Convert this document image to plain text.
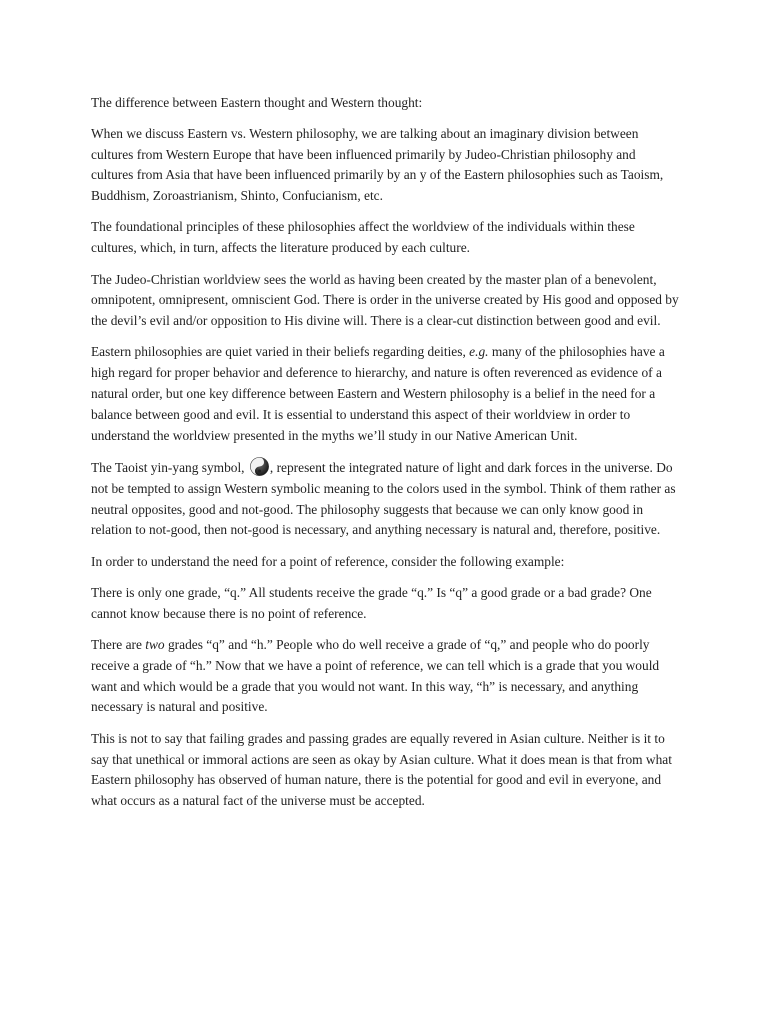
The difference between Eastern thought and Western thought:

When we discuss Eastern vs. Western philosophy, we are talking about an imaginary division between cultures from Western Europe that have been influenced primarily by Judeo-Christian philosophy and cultures from Asia that have been influenced primarily by an y of the Eastern philosophies such as Taoism, Buddhism, Zoroastrianism, Shinto, Confucianism, etc.

The foundational principles of these philosophies affect the worldview of the individuals within these cultures, which, in turn, affects the literature produced by each culture.

The Judeo-Christian worldview sees the world as having been created by the master plan of a benevolent, omnipotent, omnipresent, omniscient God. There is order in the universe created by His good and opposed by the devil’s evil and/or opposition to His divine will. There is a clear-cut distinction between good and evil.

Eastern philosophies are quiet varied in their beliefs regarding deities, e.g. many of the philosophies have a high regard for proper behavior and deference to hierarchy, and nature is often reverenced as evidence of a natural order, but one key difference between Eastern and Western philosophy is a belief in the need for a balance between good and evil. It is essential to understand this aspect of their worldview in order to understand the worldview presented in the myths we’ll study in our Native American Unit.

The Taoist yin-yang symbol,
, represent the integrated nature of light and dark forces in the universe. Do not be tempted to assign Western symbolic meaning to the colors used in the symbol. Think of them rather as neutral opposites, good and not-good. The philosophy suggests that because we can only know good in relation to not-good, then not-good is necessary, and anything necessary is natural and, therefore, positive.

In order to understand the need for a point of reference, consider the following example:

There is only one grade, “q.” All students receive the grade “q.” Is “q” a good grade or a bad grade? One cannot know because there is no point of reference.

There are two grades “q” and “h.” People who do well receive a grade of “q,” and people who do poorly receive a grade of “h.” Now that we have a point of reference, we can tell which is a grade that you would want and which would be a grade that you would not want. In this way, “h” is necessary, and anything necessary is natural and positive.

This is not to say that failing grades and passing grades are equally revered in Asian culture. Neither is it to say that unethical or immoral actions are seen as okay by Asian culture. What it does mean is that from what Eastern philosophy has observed of human nature, there is the potential for good and evil in everyone, and what occurs as a natural fact of the universe must be accepted.
